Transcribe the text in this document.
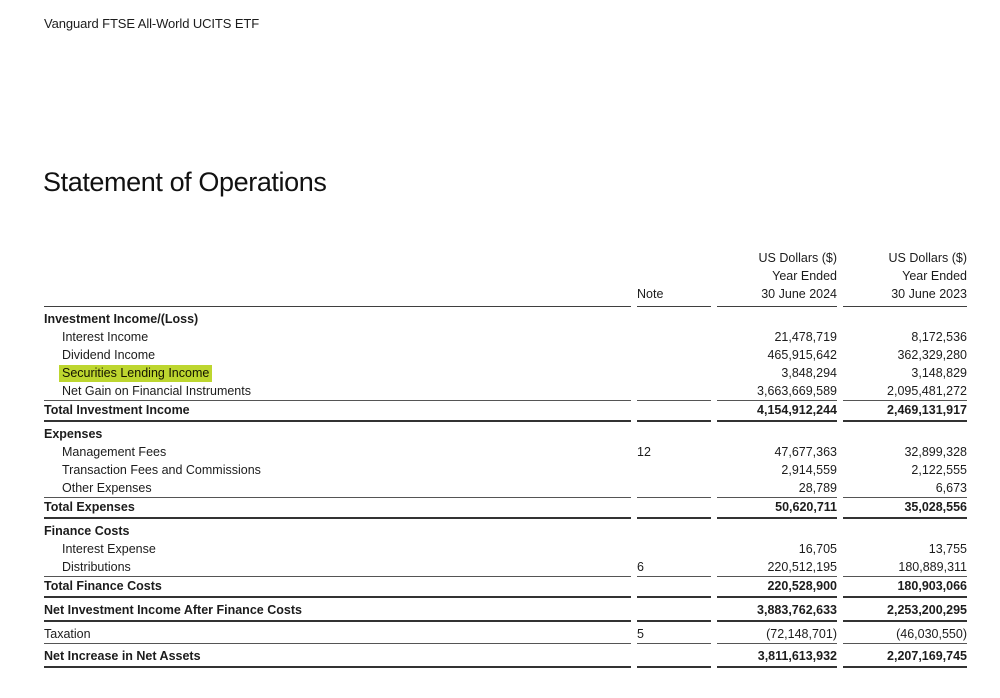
Vanguard FTSE All-World UCITS ETF
Statement of Operations
		US Dollars ($)	US Dollars ($)
		Year Ended	Year Ended
	Note	30 June 2024	30 June 2023
Investment Income/(Loss)			
Interest Income		21,478,719	8,172,536
Dividend Income		465,915,642	362,329,280
Securities Lending Income		3,848,294	3,148,829
Net Gain on Financial Instruments		3,663,669,589	2,095,481,272
Total Investment Income		4,154,912,244	2,469,131,917
Expenses			
Management Fees	12	47,677,363	32,899,328
Transaction Fees and Commissions		2,914,559	2,122,555
Other Expenses		28,789	6,673
Total Expenses		50,620,711	35,028,556
Finance Costs			
Interest Expense		16,705	13,755
Distributions	6	220,512,195	180,889,311
Total Finance Costs		220,528,900	180,903,066
Net Investment Income After Finance Costs		3,883,762,633	2,253,200,295
Taxation	5	(72,148,701)	(46,030,550)
Net Increase in Net Assets		3,811,613,932	2,207,169,745
